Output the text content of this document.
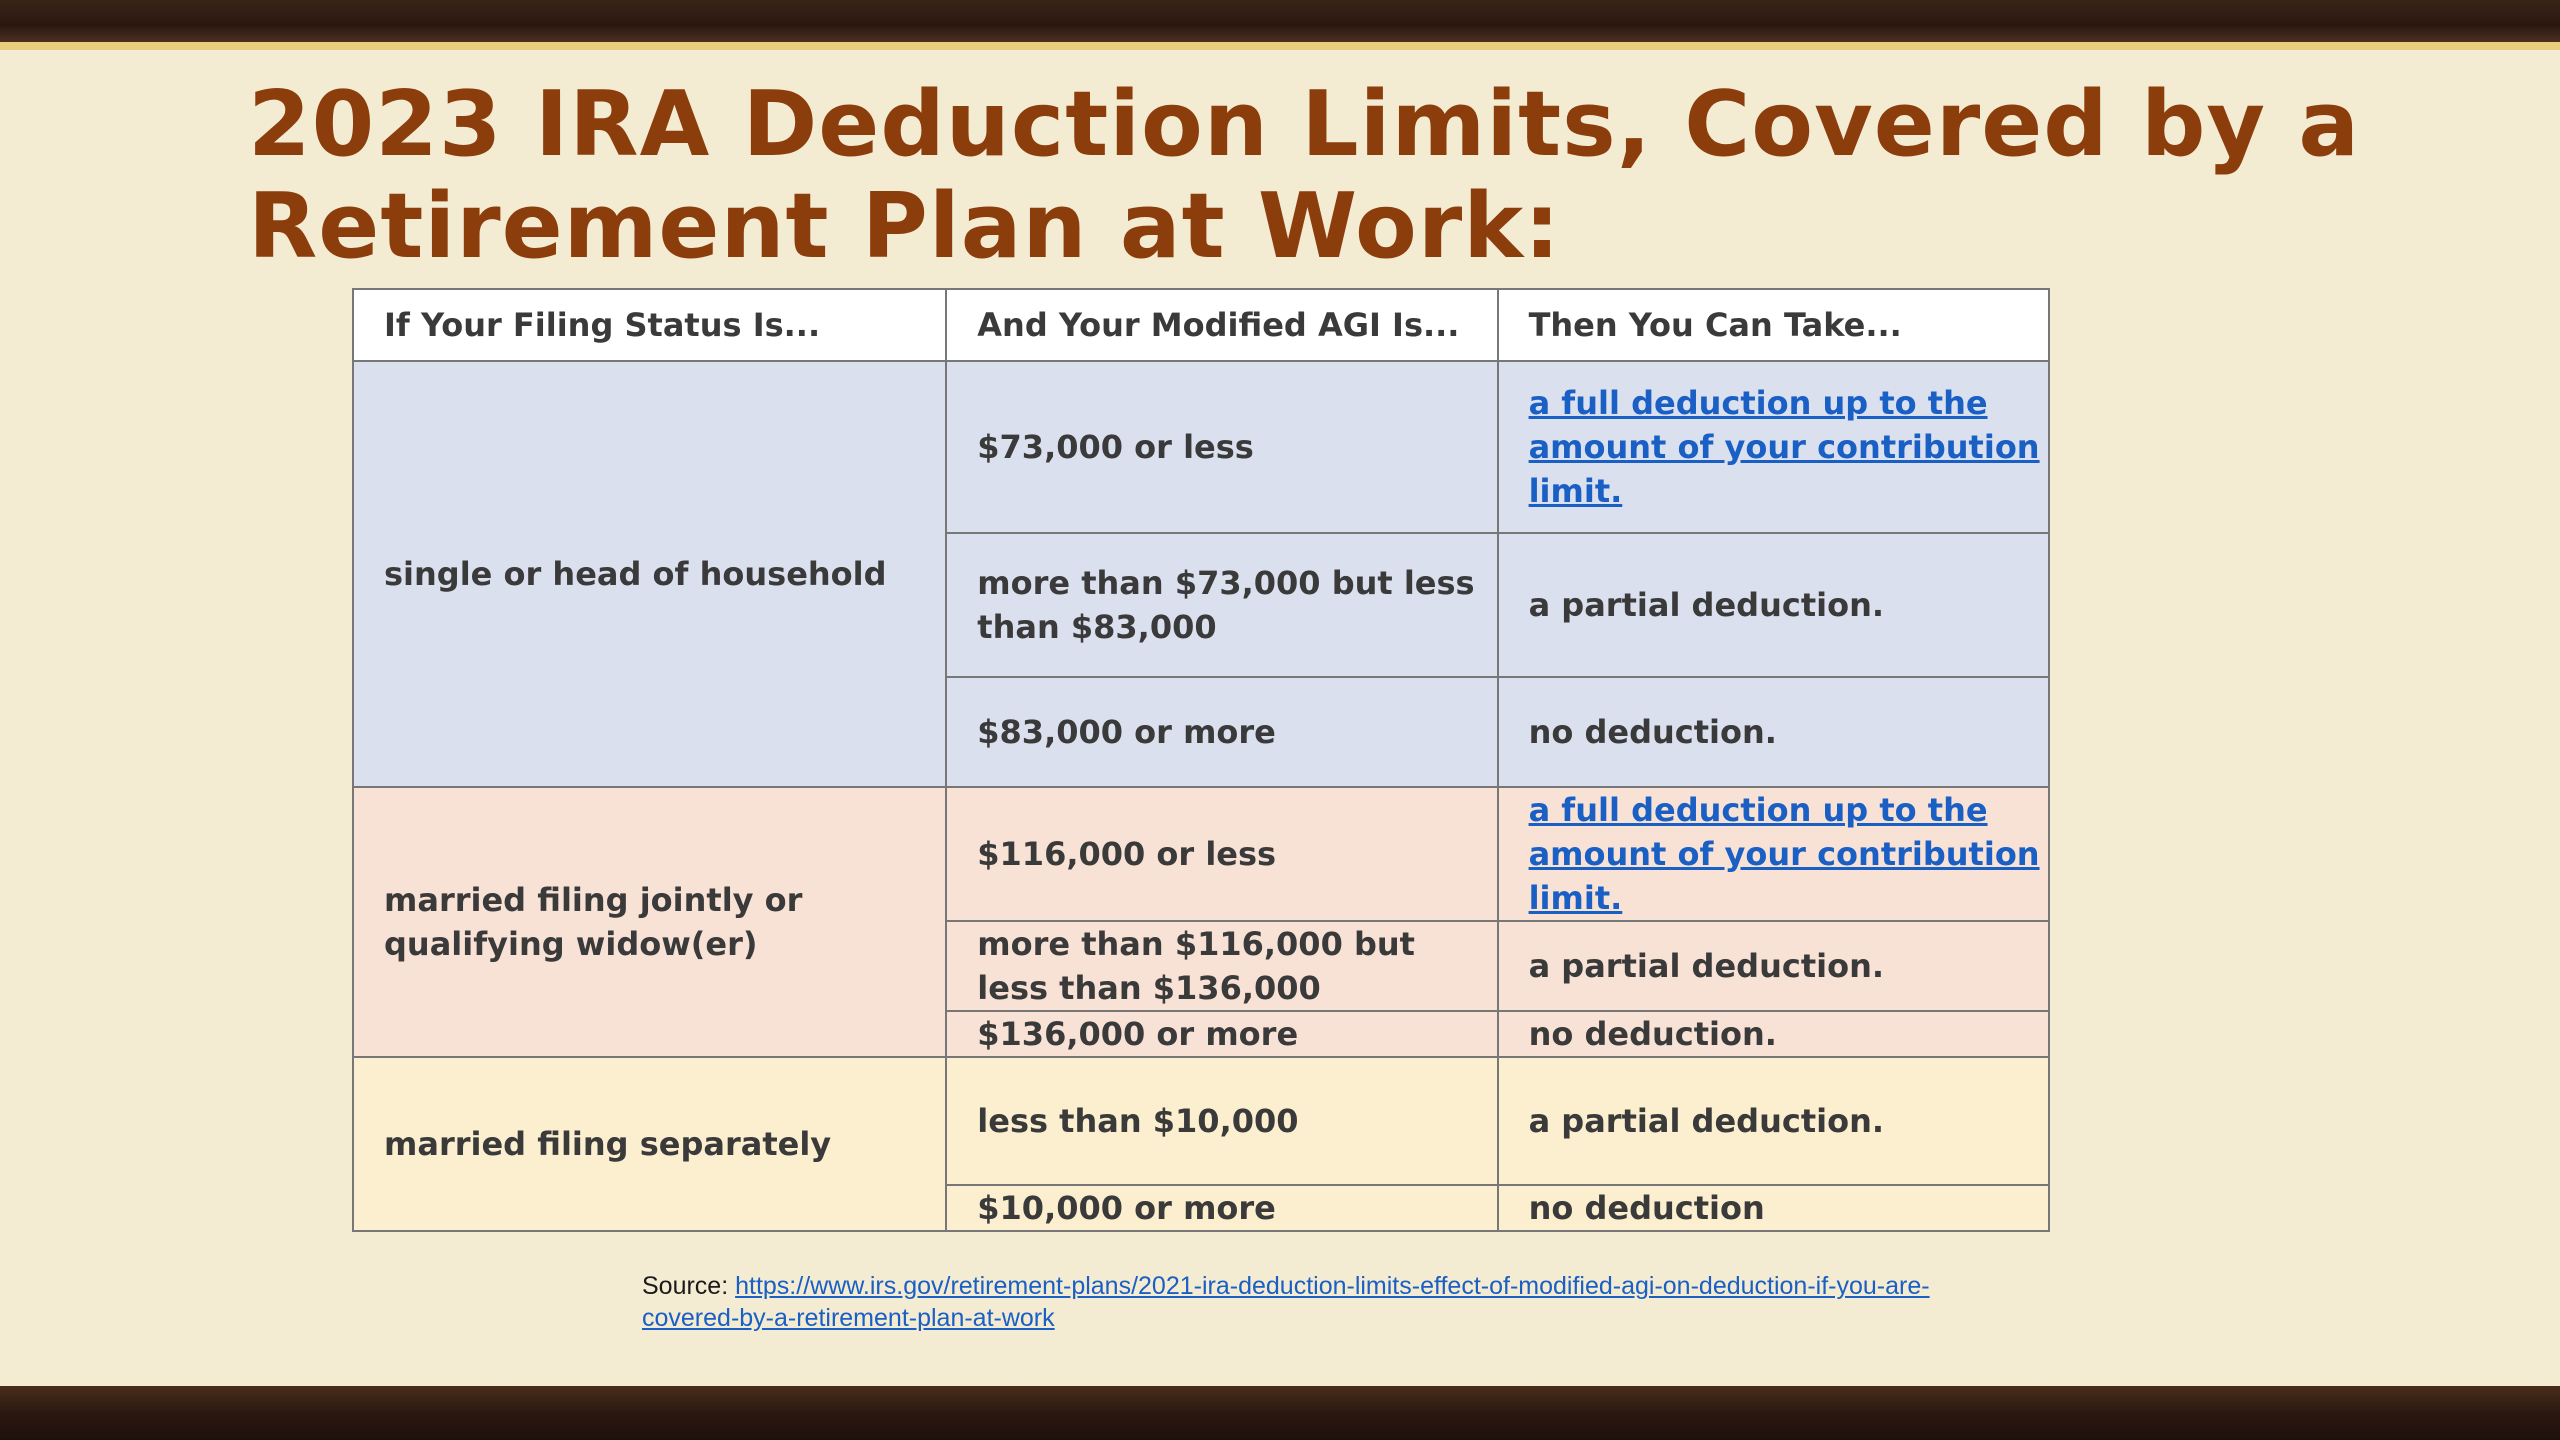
2023 IRA Deduction Limits, Covered by a Retirement Plan at Work:
If Your Filing Status Is...	And Your Modified AGI Is...	Then You Can Take...
single or head of household	$73,000 or less	a full deduction up to the amount of your contribution limit.
	more than $73,000 but less than $83,000	a partial deduction.
	$83,000 or more	no deduction.
married filing jointly or qualifying widow(er)	$116,000 or less	a full deduction up to the amount of your contribution limit.
	more than $116,000 but less than $136,000	a partial deduction.
	$136,000 or more	no deduction.
married filing separately	less than $10,000	a partial deduction.
	$10,000 or more	no deduction
Source: https://www.irs.gov/retirement-plans/2021-ira-deduction-limits-effect-of-modified-agi-on-deduction-if-you-are-covered-by-a-retirement-plan-at-work
